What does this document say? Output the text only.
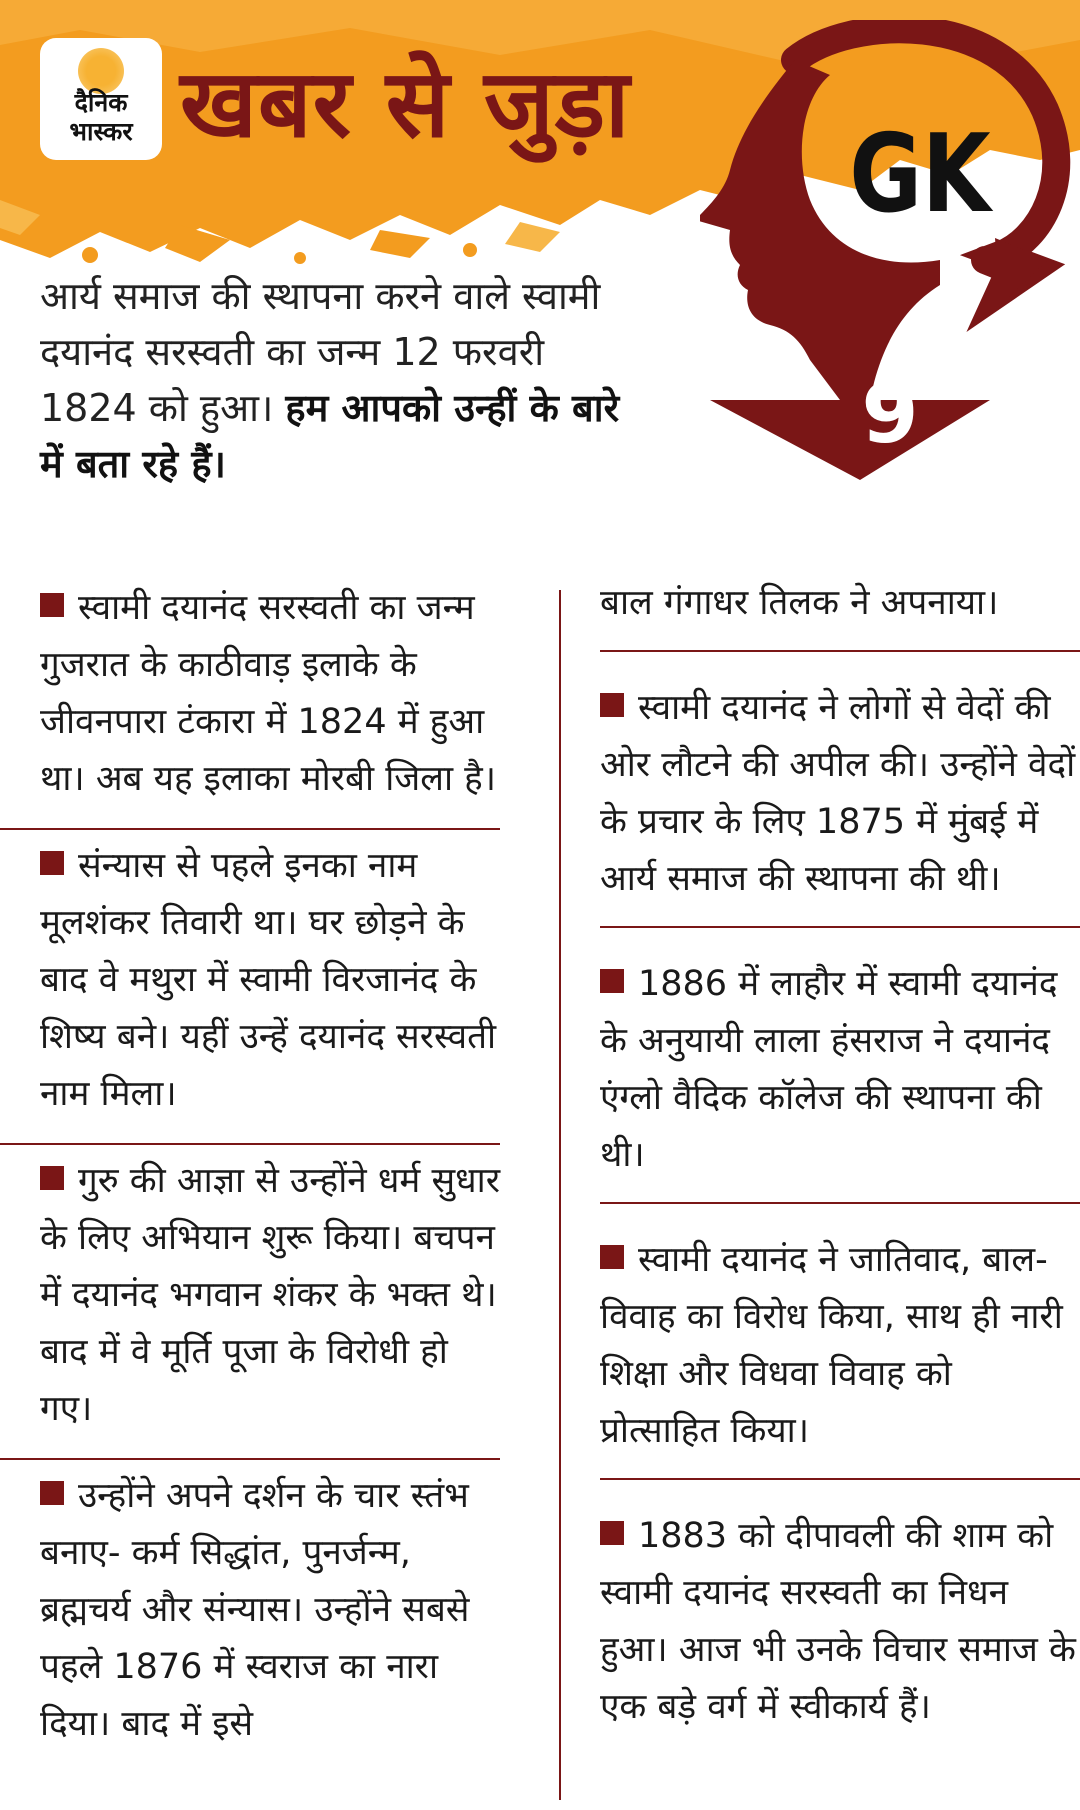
दैनिक
भास्कर खबर से जुड़ा
GK
9
आर्य समाज की स्थापना करने वाले स्वामी दयानंद सरस्वती का जन्म 12 फरवरी 1824 को हुआ। हम आपको उन्हीं के बारे में बता रहे हैं।
स्वामी दयानंद सरस्वती का जन्म गुजरात के काठीवाड़ इलाके के जीवनपारा टंकारा में 1824 में हुआ था। अब यह इलाका मोरबी जिला है।
संन्यास से पहले इनका नाम मूलशंकर तिवारी था। घर छोड़ने के बाद वे मथुरा में स्वामी विरजानंद के शिष्य बने। यहीं उन्हें दयानंद सरस्वती नाम मिला।
गुरु की आज्ञा से उन्होंने धर्म सुधार के लिए अभियान शुरू किया। बचपन में दयानंद भगवान शंकर के भक्त थे। बाद में वे मूर्ति पूजा के विरोधी हो गए।
उन्होंने अपने दर्शन के चार स्तंभ बनाए- कर्म सिद्धांत, पुनर्जन्म, ब्रह्मचर्य और संन्यास। उन्होंने सबसे पहले 1876 में स्वराज का नारा दिया। बाद में इसे
बाल गंगाधर तिलक ने अपनाया।
स्वामी दयानंद ने लोगों से वेदों की ओर लौटने की अपील की। उन्होंने वेदों के प्रचार के लिए 1875 में मुंबई में आर्य समाज की स्थापना की थी।
1886 में लाहौर में स्वामी दयानंद के अनुयायी लाला हंसराज ने दयानंद एंग्लो वैदिक कॉलेज की स्थापना की थी।
स्वामी दयानंद ने जातिवाद, बाल-विवाह का विरोध किया, साथ ही नारी शिक्षा और विधवा विवाह को प्रोत्साहित किया।
1883 को दीपावली की शाम को स्वामी दयानंद सरस्वती का निधन हुआ। आज भी उनके विचार समाज के एक बड़े वर्ग में स्वीकार्य हैं।
